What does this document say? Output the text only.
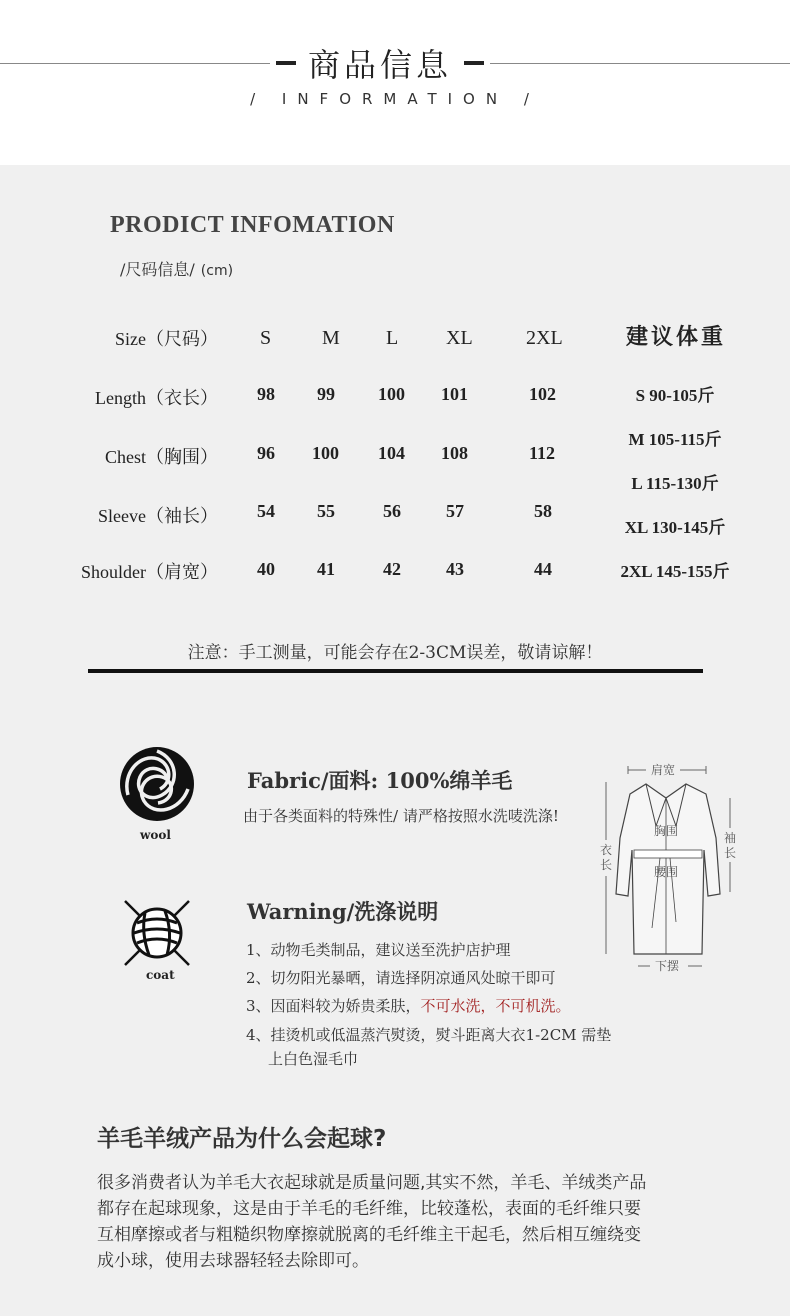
商品信息
/ INFORMATION /
PRODICT INFOMATION
/尺码信息/ (cm)
Size（尺码） S	M L XL	2XL
Length（衣长） 98 99 100 101	102
Chest（胸围） 96 100 104 108	112
Sleeve（袖长） 54 55	56	57	58
Shoulder（肩宽） 40 41	42	43	44
建议体重
S 90-105斤
M 105-115斤
L 115-130斤
XL 130-145斤
2XL 145-155斤
注意：手工测量，可能会存在2-3CM误差，敬请谅解！
wool
Fabric/面料: 100%绵羊毛
由于各类面料的特殊性/ 请严格按照水洗唛洗涤!
coat
Warning/洗涤说明
1、动物毛类制品，建议送至洗护店护理
2、切勿阳光暴晒，请选择阴凉通风处晾干即可
3、因面料较为娇贵柔肤，不可水洗，不可机洗。
4、挂烫机或低温蒸汽熨烫，熨斗距离大衣1-2CM 需垫
上白色湿毛巾
肩宽
衣长
袖长
胸围
腰围
下摆
羊毛羊绒产品为什么会起球?
很多消费者认为羊毛大衣起球就是质量问题,其实不然，羊毛、羊绒类产品
都存在起球现象，这是由于羊毛的毛纤维，比较蓬松，表面的毛纤维只要
互相摩擦或者与粗糙织物摩擦就脱离的毛纤维主干起毛，然后相互缠绕变
成小球，使用去球器轻轻去除即可。
